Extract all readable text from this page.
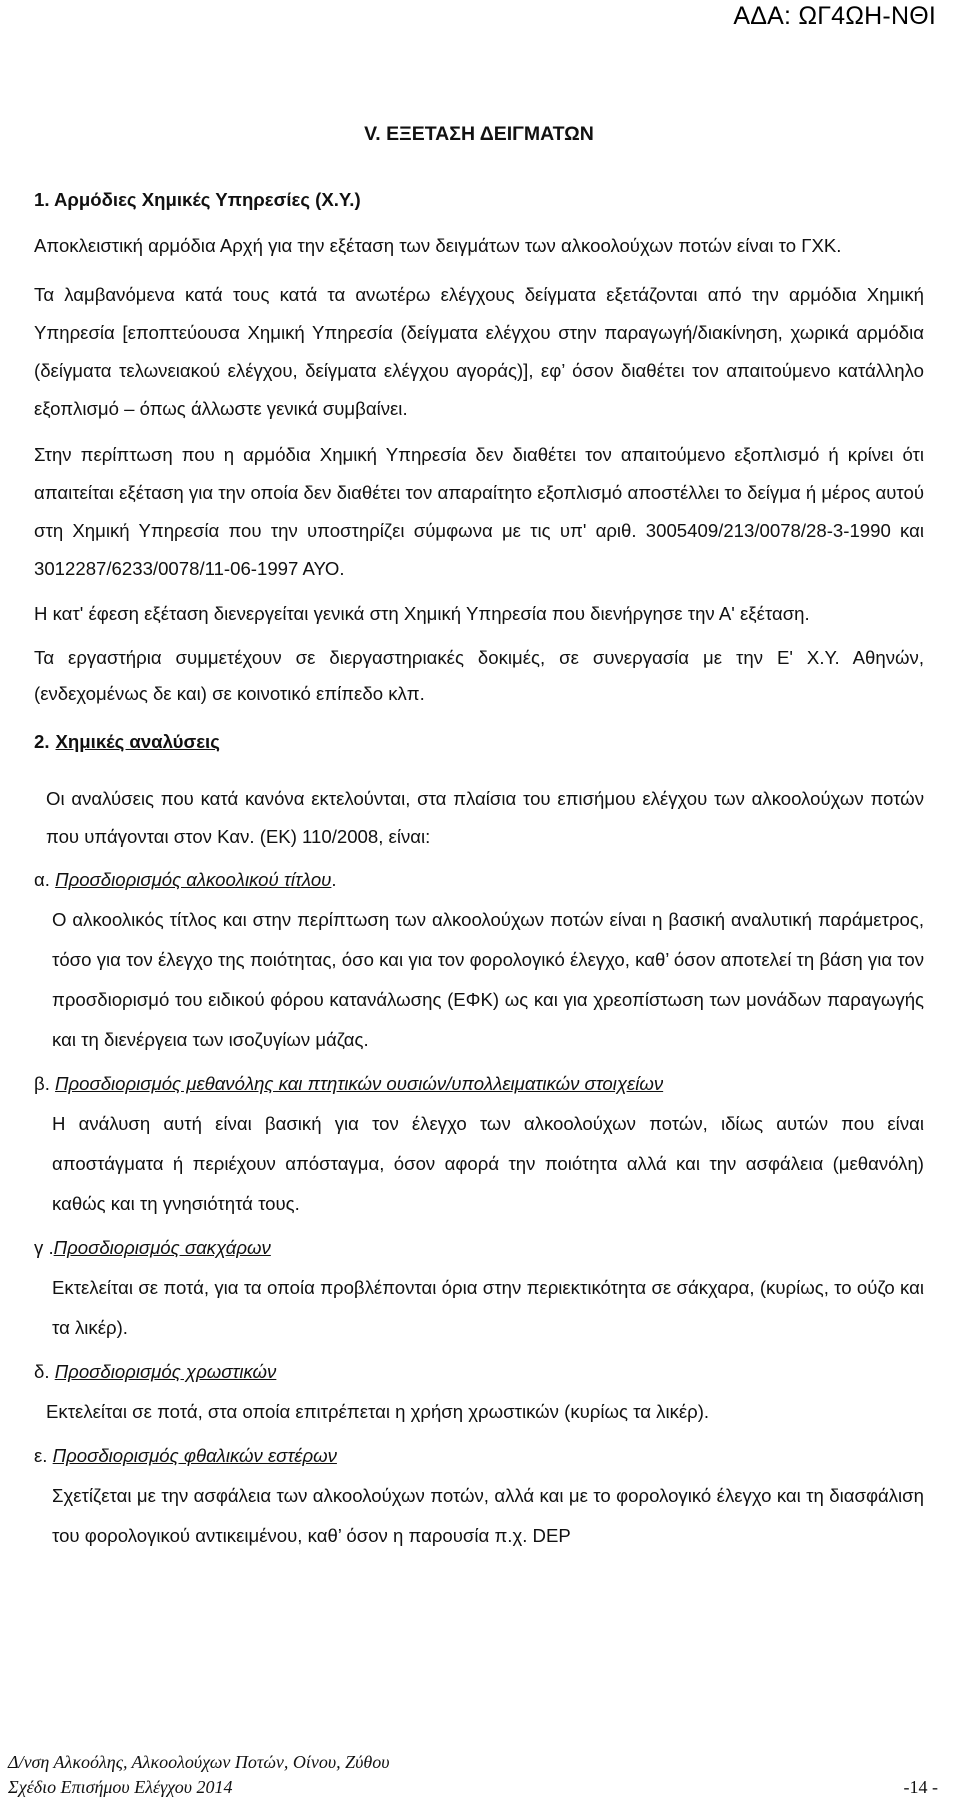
ΑΔΑ: ΩΓ4ΩΗ-ΝΘΙ
V. ΕΞΕΤΑΣΗ ΔΕΙΓΜΑΤΩΝ
1. Αρμόδιες Χημικές Υπηρεσίες (Χ.Υ.)

Αποκλειστική αρμόδια Αρχή για την εξέταση των δειγμάτων των αλκοολούχων ποτών είναι το ΓΧΚ.

Τα λαμβανόμενα κατά τους κατά τα ανωτέρω ελέγχους δείγματα εξετάζονται από την αρμόδια Χημική Υπηρεσία [εποπτεύουσα Χημική Υπηρεσία (δείγματα ελέγχου στην παραγωγή/διακίνηση, χωρικά αρμόδια (δείγματα τελωνειακού ελέγχου, δείγματα ελέγχου αγοράς)], εφ’ όσον διαθέτει τον απαιτούμενο κατάλληλο εξοπλισμό – όπως άλλωστε γενικά συμβαίνει.

Στην περίπτωση που η αρμόδια Χημική Υπηρεσία δεν διαθέτει τον απαιτούμενο εξοπλισμό ή κρίνει ότι απαιτείται εξέταση για την οποία δεν διαθέτει τον απαραίτητο εξοπλισμό αποστέλλει το δείγμα ή μέρος αυτού στη Χημική Υπηρεσία που την υποστηρίζει σύμφωνα με τις υπ' αριθ. 3005409/213/0078/28-3-1990 και 3012287/6233/0078/11-06-1997 ΑΥΟ.

Η κατ' έφεση εξέταση διενεργείται γενικά στη Χημική Υπηρεσία που διενήργησε την Α' εξέταση.

Τα εργαστήρια συμμετέχουν σε διεργαστηριακές δοκιμές, σε συνεργασία με την Ε' Χ.Υ. Αθηνών, (ενδεχομένως δε και) σε κοινοτικό επίπεδο κλπ.

2. Χημικές αναλύσεις

Οι αναλύσεις που κατά κανόνα εκτελούνται, στα πλαίσια του επισήμου ελέγχου των αλκοολούχων ποτών που υπάγονται στον Καν. (ΕΚ) 110/2008, είναι:

α. Προσδιορισμός αλκοολικού τίτλου.

Ο αλκοολικός τίτλος και στην περίπτωση των αλκοολούχων ποτών είναι η βασική αναλυτική παράμετρος, τόσο για τον έλεγχο της ποιότητας, όσο και για τον φορολογικό έλεγχο, καθ’ όσον αποτελεί τη βάση για τον προσδιορισμό του ειδικού φόρου κατανάλωσης (ΕΦΚ) ως και για χρεοπίστωση των μονάδων παραγωγής και τη διενέργεια των ισοζυγίων μάζας.

β. Προσδιορισμός μεθανόλης και πτητικών ουσιών/υπολλειματικών στοιχείων

Η ανάλυση αυτή είναι βασική για τον έλεγχο των αλκοολούχων ποτών, ιδίως αυτών που είναι αποστάγματα ή περιέχουν απόσταγμα, όσον αφορά την ποιότητα αλλά και την ασφάλεια (μεθανόλη) καθώς και τη γνησιότητά τους.

γ .Προσδιορισμός σακχάρων

Εκτελείται σε ποτά, για τα οποία προβλέπονται όρια στην περιεκτικότητα σε σάκχαρα, (κυρίως, το ούζο και τα λικέρ).

δ. Προσδιορισμός χρωστικών

Εκτελείται σε ποτά, στα οποία επιτρέπεται η χρήση χρωστικών (κυρίως τα λικέρ).

ε. Προσδιορισμός φθαλικών εστέρων

Σχετίζεται με την ασφάλεια των αλκοολούχων ποτών, αλλά και με το φορολογικό έλεγχο και τη διασφάλιση του φορολογικού αντικειμένου, καθ’ όσον η παρουσία π.χ. DEP

Δ/νση Αλκοόλης, Αλκοολούχων Ποτών, Οίνου, Ζύθου
Σχέδιο Επισήμου Ελέγχου 2014	-14 -
